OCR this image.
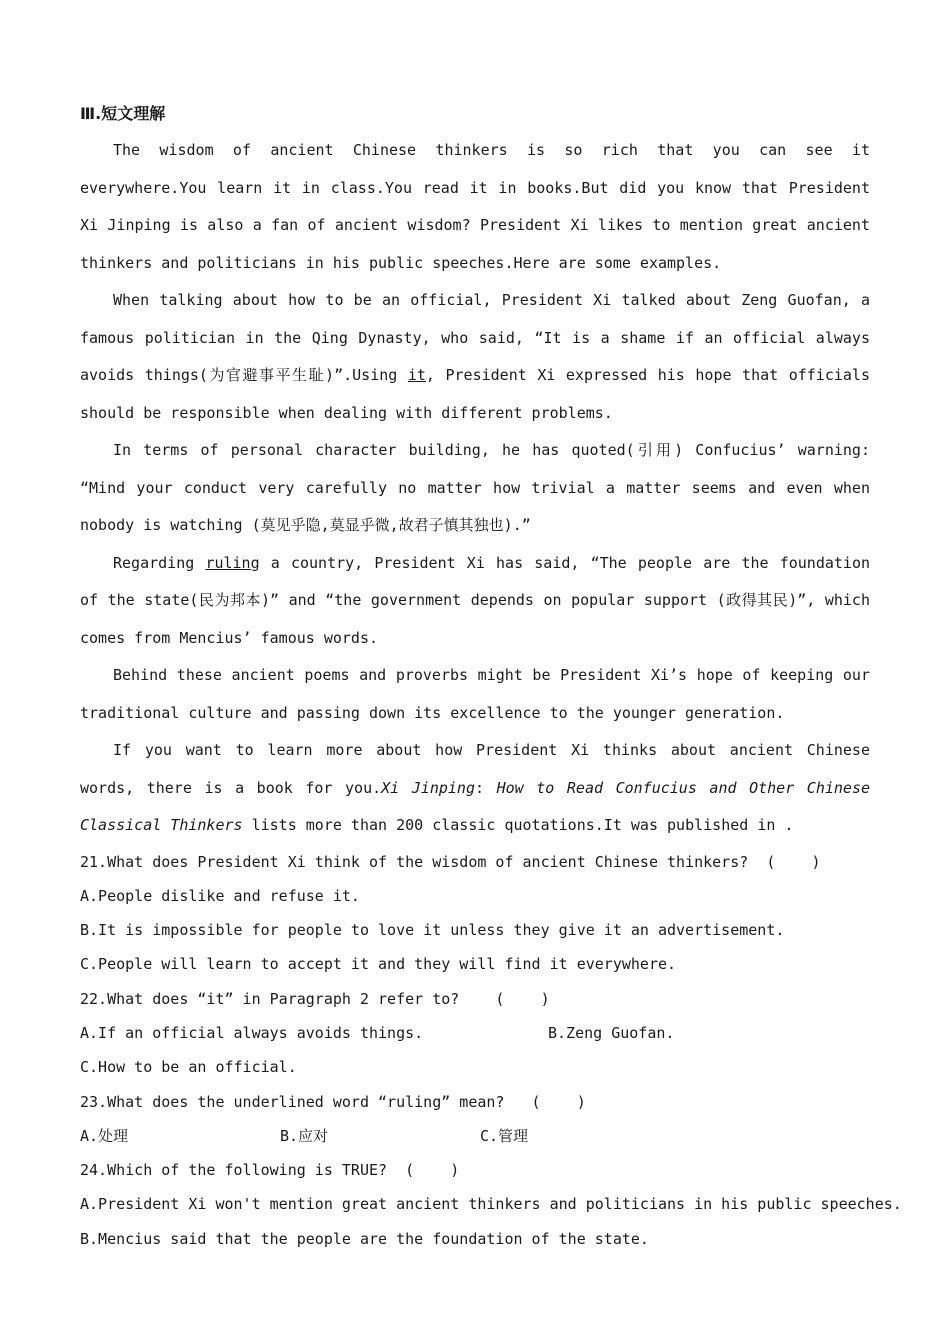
Ⅲ.短文理解

The wisdom of ancient Chinese thinkers is so rich that you can see it everywhere.You learn it in class.You read it in books.But did you know that President Xi Jinping is also a fan of ancient wisdom? President Xi likes to mention great ancient thinkers and politicians in his public speeches.Here are some examples.

When talking about how to be an official, President Xi talked about Zeng Guofan, a famous politician in the Qing Dynasty, who said, “It is a shame if an official always avoids things(为官避事平生耻)”.Using it, President Xi expressed his hope that officials should be responsible when dealing with different problems.

In terms of personal character building, he has quoted(引用) Confucius’ warning: “Mind your conduct very carefully no matter how trivial a matter seems and even when nobody is watching (莫见乎隐,莫显乎微,故君子慎其独也).”

Regarding ruling a country, President Xi has said, “The people are the foundation of the state(民为邦本)” and “the government depends on popular support (政得其民)”, which comes from Mencius’ famous words.

Behind these ancient poems and proverbs might be President Xi’s hope of keeping our traditional culture and passing down its excellence to the younger generation.

If you want to learn more about how President Xi thinks about ancient Chinese words, there is a book for you.Xi Jinping: How to Read Confucius and Other Chinese Classical Thinkers lists more than 200 classic quotations.It was published in .

21.What does President Xi think of the wisdom of ancient Chinese thinkers?  (    )

A.People dislike and refuse it.

B.It is impossible for people to love it unless they give it an advertisement.

C.People will learn to accept it and they will find it everywhere.

22.What does “it” in Paragraph 2 refer to?    (    )

A.If an official always avoids things.	B.Zeng Guofan.

C.How to be an official.

23.What does the underlined word “ruling” mean?   (    )

A.处理	B.应对	C.管理

24.Which of the following is TRUE?  (    )

A.President Xi won't mention great ancient thinkers and politicians in his public speeches.

B.Mencius said that the people are the foundation of the state.
